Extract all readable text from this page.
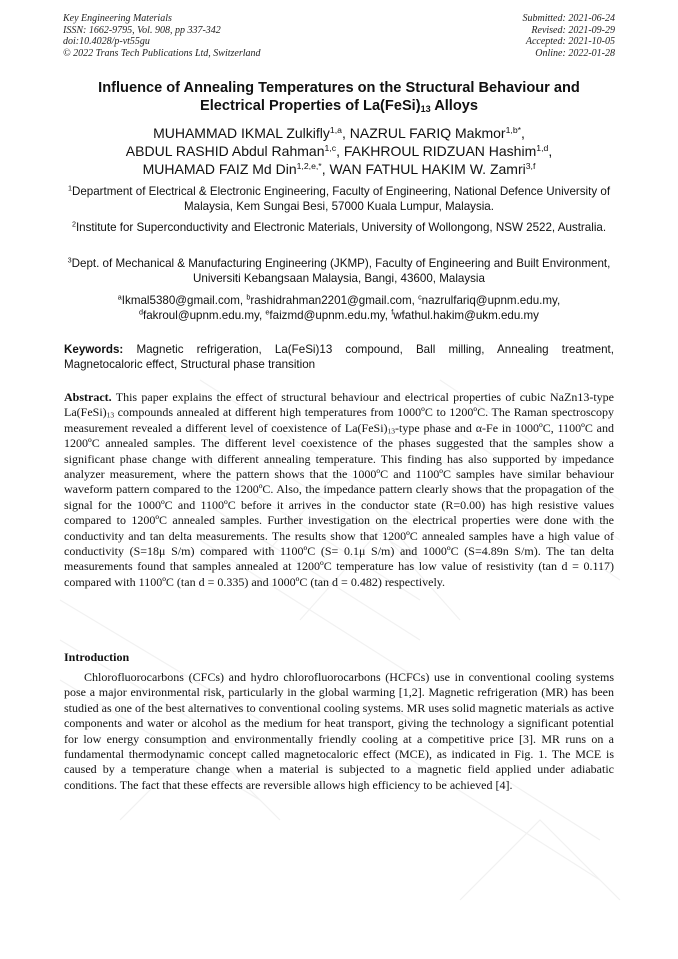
Key Engineering Materials
ISSN: 1662-9795, Vol. 908, pp 337-342
doi:10.4028/p-vt55gu
© 2022 Trans Tech Publications Ltd, Switzerland
Submitted: 2021-06-24
Revised: 2021-09-29
Accepted: 2021-10-05
Online: 2022-01-28
Influence of Annealing Temperatures on the Structural Behaviour and
Electrical Properties of $La(FeSi)_{13}$ Alloys
MUHAMMAD IKMAL Zulkifly$^{1,a}$, NAZRUL FARIQ Makmor$^{1,b*}$,
ABDUL RASHID Abdul Rahman$^{1,c}$, FAKHROUL RIDZUAN Hashim$^{1,d}$,
MUHAMAD FAIZ Md Din$^{1,2,e,*}$, WAN FATHUL HAKIM W. Zamri$^{3,f}$
$^1$Department of Electrical & Electronic Engineering, Faculty of Engineering, National Defence University of Malaysia, Kem Sungai Besi, 57000 Kuala Lumpur, Malaysia.
$^2$Institute for Superconductivity and Electronic Materials, University of Wollongong, NSW 2522, Australia.
$^3$Dept. of Mechanical & Manufacturing Engineering (JKMP), Faculty of Engineering and Built Environment, Universiti Kebangsaan Malaysia, Bangi, 43600, Malaysia
$^a$Ikmal5380@gmail.com, $^b$rashidrahman2201@gmail.com, $^c$nazrulfariq@upnm.edu.my,
$^d$fakroul@upnm.edu.my, $^e$faizmd@upnm.edu.my, $^f$wfathul.hakim@ukm.edu.my
Keywords: Magnetic refrigeration, La(FeSi)13 compound, Ball milling, Annealing treatment, Magnetocaloric effect, Structural phase transition
Abstract. This paper explains the effect of structural behaviour and electrical properties of cubic NaZn13-type $La(FeSi)_{13}$ compounds annealed at different high temperatures from 1000ºC to 1200ºC. The Raman spectroscopy measurement revealed a different level of coexistence of $La(FeSi)_{13}$-type phase and α-Fe in 1000ºC, 1100ºC and 1200ºC annealed samples. The different level coexistence of the phases suggested that the samples show a significant phase change with different annealing temperature. This finding has also supported by impedance analyzer measurement, where the pattern shows that the 1000ºC and 1100ºC samples have similar behaviour waveform pattern compared to the 1200ºC. Also, the impedance pattern clearly shows that the propagation of the signal for the 1000ºC and 1100ºC before it arrives in the conductor state (R=0.00) has high resistive values compared to 1200ºC annealed samples. Further investigation on the electrical properties were done with the conductivity and tan delta measurements. The results show that 1200ºC annealed samples have a high value of conductivity (S=18μ S/m) compared with 1100ºC (S= 0.1μ S/m) and 1000ºC (S=4.89n S/m). The tan delta measurements found that samples annealed at 1200ºC temperature has low value of resistivity (tan d = 0.117) compared with 1100ºC (tan d = 0.335) and 1000ºC (tan d = 0.482) respectively.
Introduction
Chlorofluorocarbons (CFCs) and hydro chlorofluorocarbons (HCFCs) use in conventional cooling systems pose a major environmental risk, particularly in the global warming [1,2]. Magnetic refrigeration (MR) has been studied as one of the best alternatives to conventional cooling systems. MR uses solid magnetic materials as active components and water or alcohol as the medium for heat transport, giving the technology a significant potential for low energy consumption and environmentally friendly cooling at a competitive price [3]. MR runs on a fundamental thermodynamic concept called magnetocaloric effect (MCE), as indicated in Fig. 1. The MCE is caused by a temperature change when a material is subjected to a magnetic field applied under adiabatic conditions. The fact that these effects are reversible allows high efficiency to be achieved [4].
